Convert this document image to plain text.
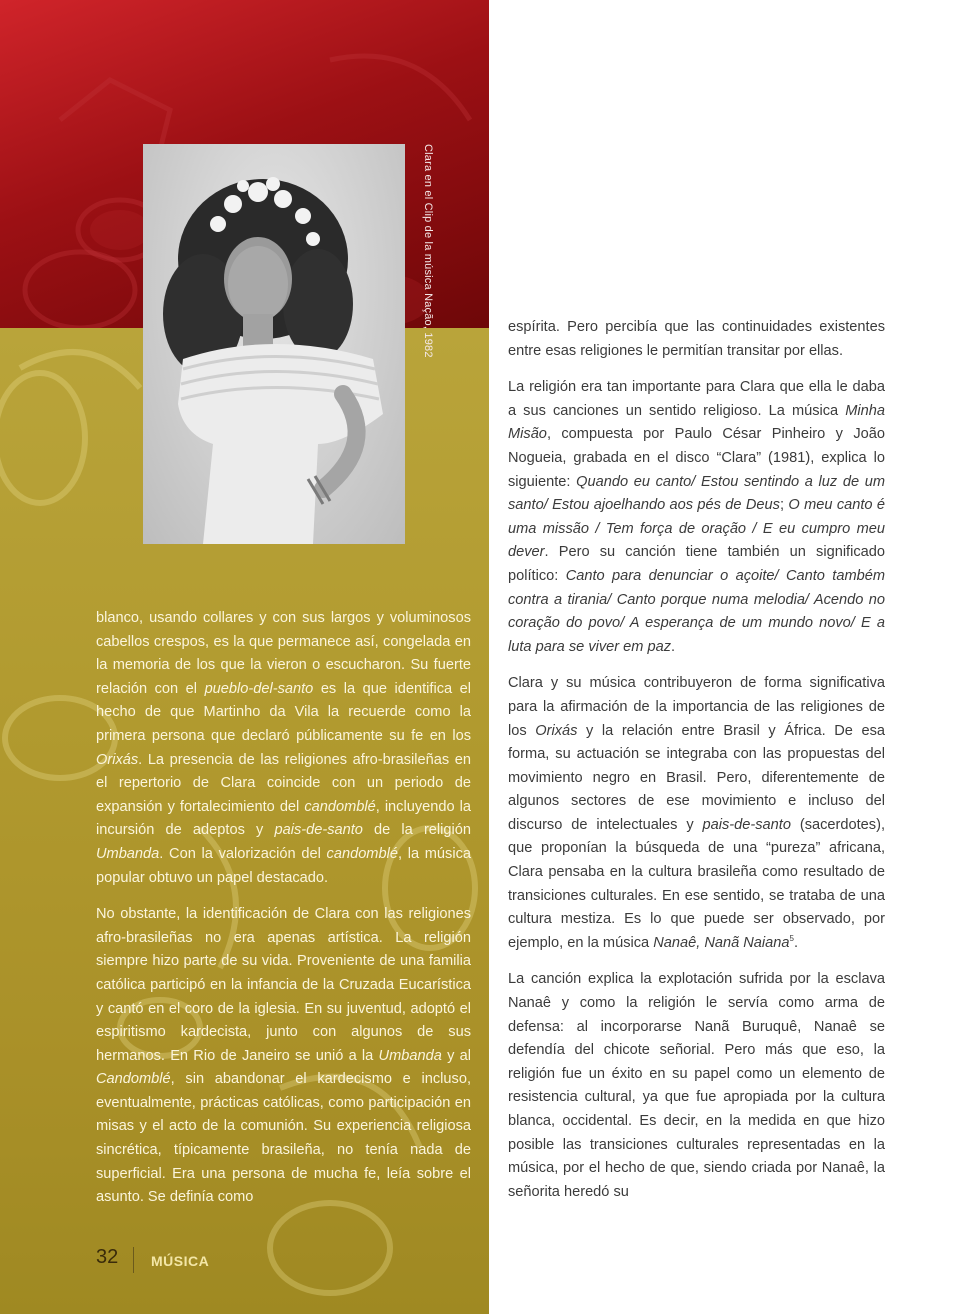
Clara en el Clip de la música Nação, 1982

blanco, usando collares y con sus largos y voluminosos cabellos crespos, es la que permanece así, congelada en la memoria de los que la vieron o escucharon. Su fuerte relación con el pueblo-del-santo es la que identifica el hecho de que Martinho da Vila la recuerde como la primera persona que declaró públicamente su fe en los Orixás. La presencia de las religiones afro-brasileñas en el repertorio de Clara coincide con un periodo de expansión y fortalecimiento del candomblé, incluyendo la incursión de adeptos y pais-de-santo de la religión Umbanda. Con la valorización del candomblé, la música popular obtuvo un papel destacado.

No obstante, la identificación de Clara con las religiones afro-brasileñas no era apenas artística. La religión siempre hizo parte de su vida. Proveniente de una familia católica participó en la infancia de la Cruzada Eucarística y cantó en el coro de la iglesia. En su juventud, adoptó el espiritismo kardecista, junto con algunos de sus hermanos. En Rio de Janeiro se unió a la Umbanda y al Candomblé, sin abandonar el kardecismo e incluso, eventualmente, prácticas católicas, como participación en misas y el acto de la comunión. Su experiencia religiosa sincrética, típicamente brasileña, no tenía nada de superficial. Era una persona de mucha fe, leía sobre el asunto. Se definía como

32 MÚSICA

espírita. Pero percibía que las continuidades existentes entre esas religiones le permitían transitar por ellas.

La religión era tan importante para Clara que ella le daba a sus canciones un sentido religioso. La música Minha Misão, compuesta por Paulo César Pinheiro y João Nogueia, grabada en el disco “Clara” (1981), explica lo siguiente: Quando eu canto/ Estou sentindo a luz de um santo/ Estou ajoelhando aos pés de Deus; O meu canto é uma missão / Tem força de oração / E eu cumpro meu dever. Pero su canción tiene también un significado político: Canto para denunciar o açoite/ Canto também contra a tirania/ Canto porque numa melodia/ Acendo no coração do povo/ A esperança de um mundo novo/ E a luta para se viver em paz.

Clara y su música contribuyeron de forma significativa para la afirmación de la importancia de las religiones de los Orixás y la relación entre Brasil y África. De esa forma, su actuación se integraba con las propuestas del movimiento negro en Brasil. Pero, diferentemente de algunos sectores de ese movimiento e incluso del discurso de intelectuales y pais-de-santo (sacerdotes), que proponían la búsqueda de una “pureza” africana, Clara pensaba en la cultura brasileña como resultado de transiciones culturales. En ese sentido, se trataba de una cultura mestiza. Es lo que puede ser observado, por ejemplo, en la música Nanaê, Nanã Naiana$^5$.

La canción explica la explotación sufrida por la esclava Nanaê y como la religión le servía como arma de defensa: al incorporarse Nanã Buruquê, Nanaê se defendía del chicote señorial. Pero más que eso, la religión fue un éxito en su papel como un elemento de resistencia cultural, ya que fue apropiada por la cultura blanca, occidental. Es decir, en la medida en que hizo posible las transiciones culturales representadas en la música, por el hecho de que, siendo criada por Nanaê, la señorita heredó su
